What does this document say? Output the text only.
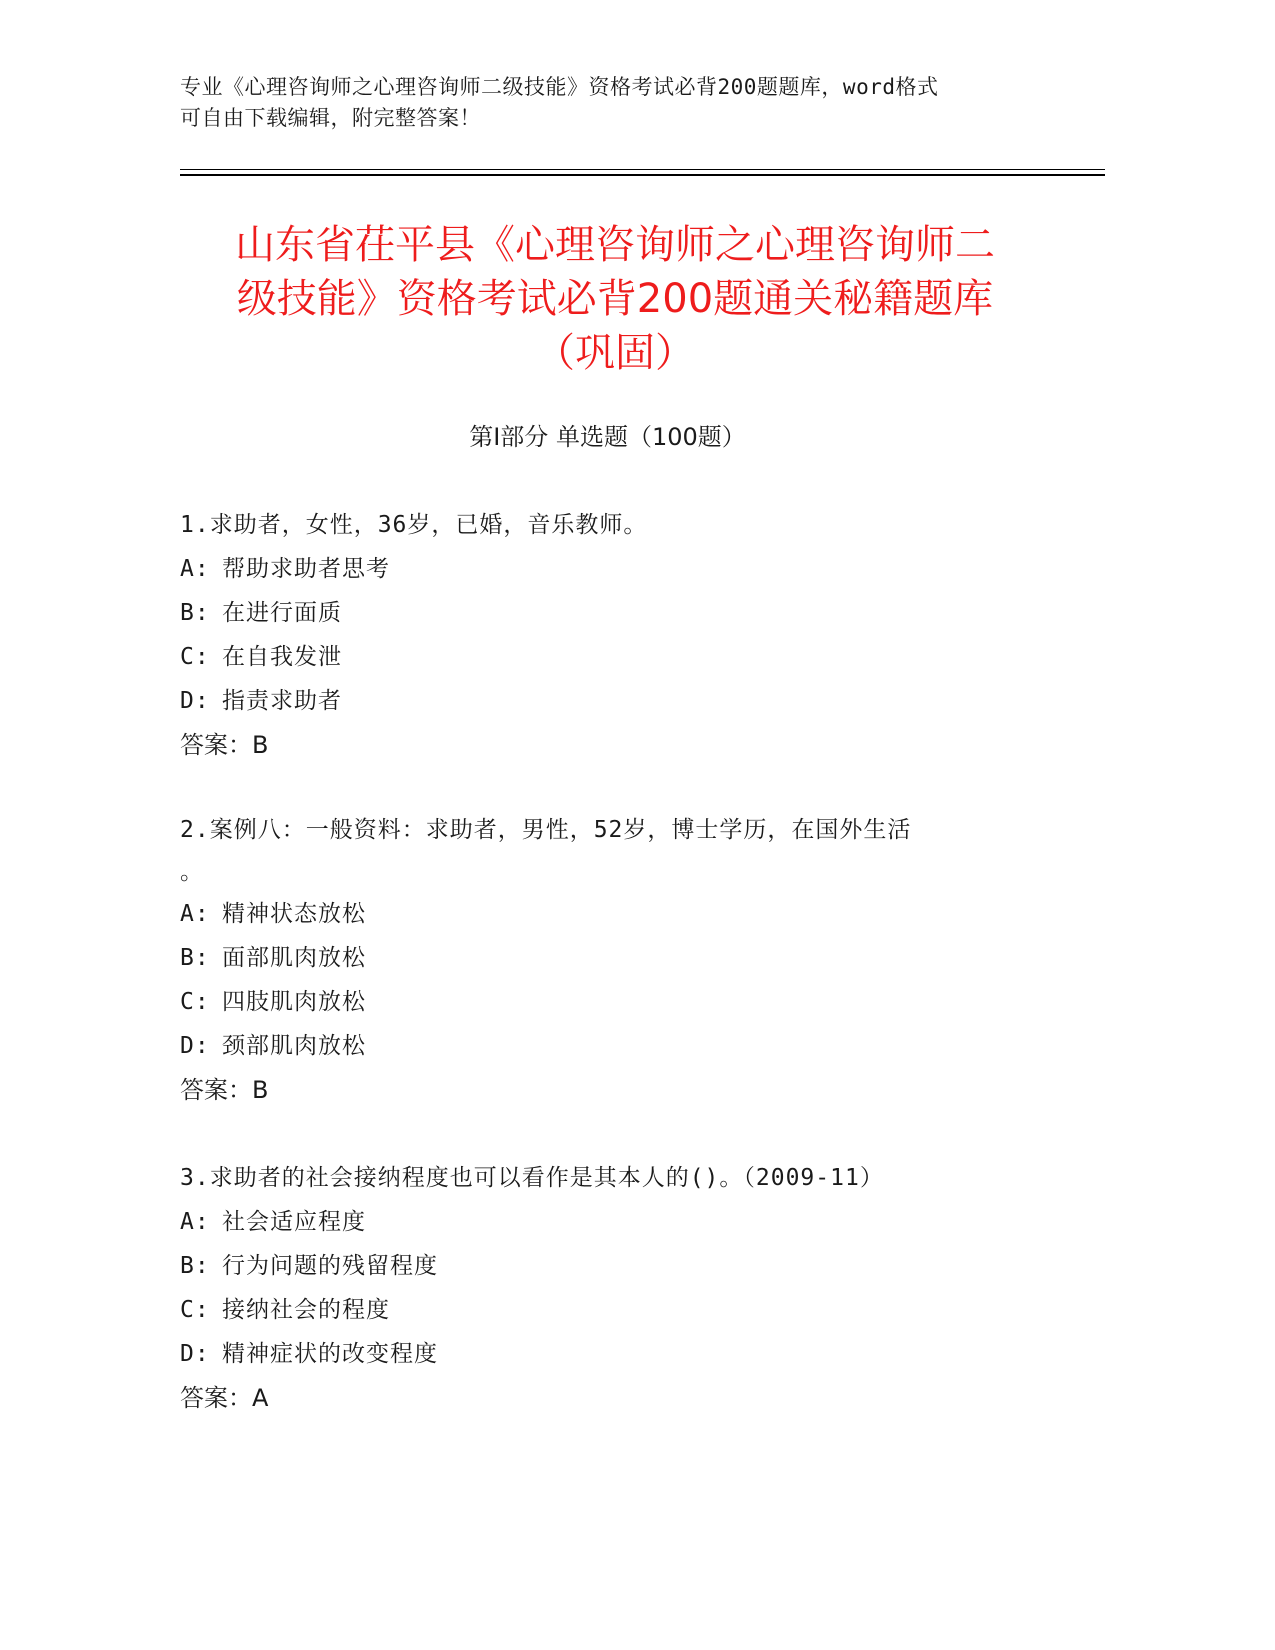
专业《心理咨询师之心理咨询师二级技能》资格考试必背200题题库，word格式
可自由下载编辑，附完整答案！
山东省茌平县《心理咨询师之心理咨询师二
级技能》资格考试必背200题通关秘籍题库
（巩固）
第I部分 单选题（100题）
1.求助者，女性，36岁，已婚，音乐教师。
A: 帮助求助者思考
B: 在进行面质
C: 在自我发泄
D: 指责求助者
答案：B
2.案例八：一般资料：求助者，男性，52岁，博士学历，在国外生活
。
A: 精神状态放松
B: 面部肌肉放松
C: 四肢肌肉放松
D: 颈部肌肉放松
答案：B
3.求助者的社会接纳程度也可以看作是其本人的()。（2009-11）
A: 社会适应程度
B: 行为问题的残留程度
C: 接纳社会的程度
D: 精神症状的改变程度
答案：A
